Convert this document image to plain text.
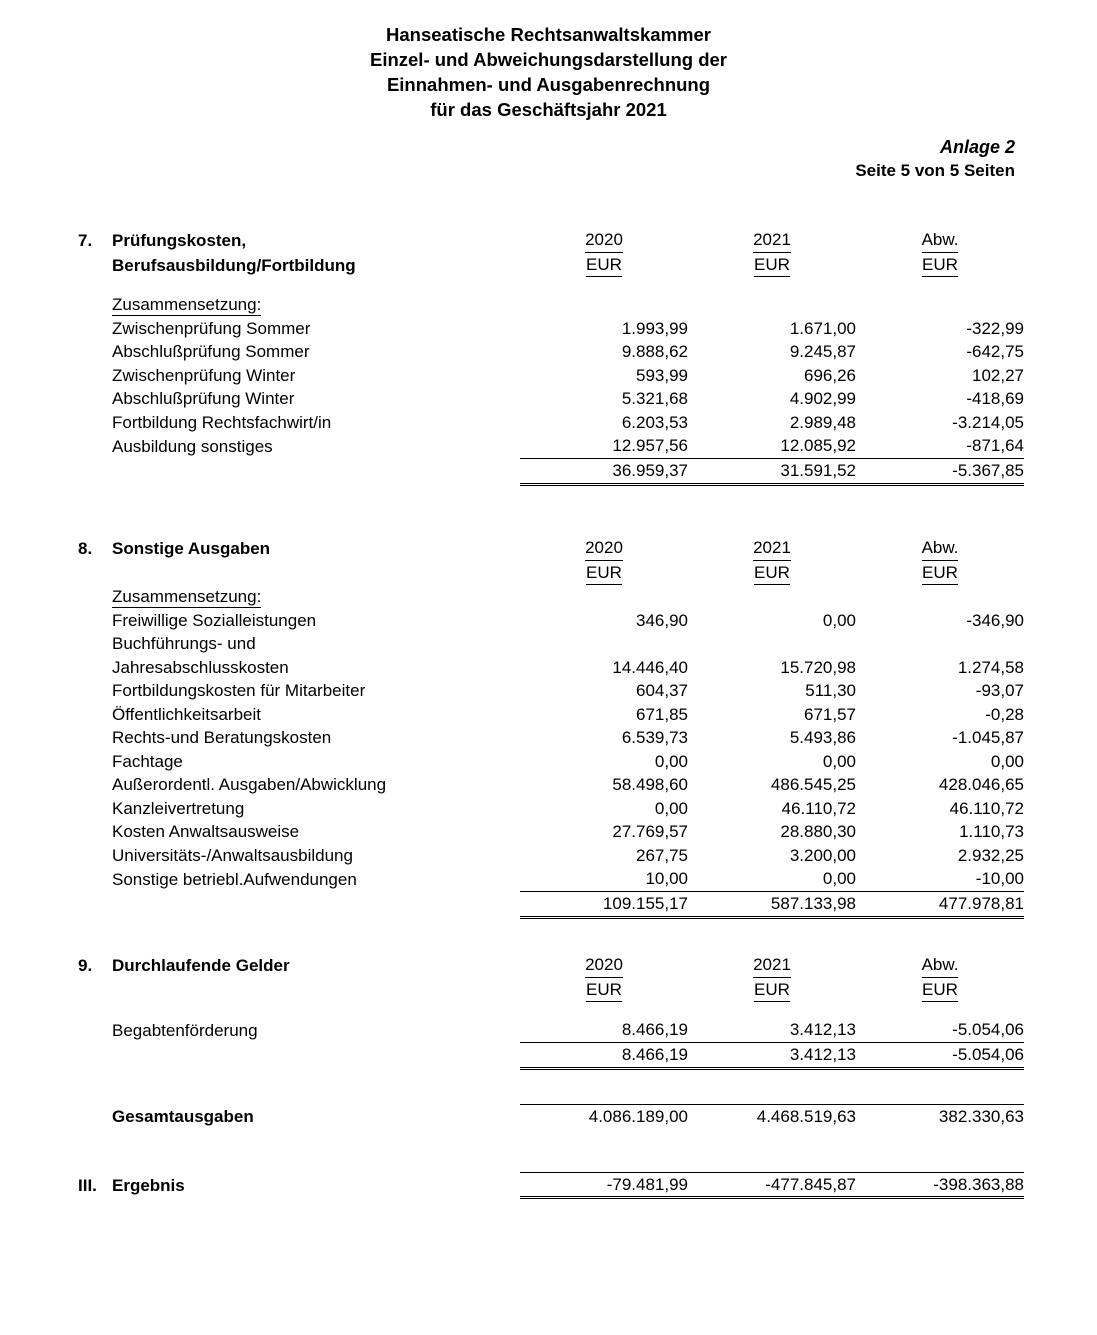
Hanseatische Rechtsanwaltskammer
Einzel- und Abweichungsdarstellung der
Einnahmen- und Ausgabenrechnung
für das Geschäftsjahr 2021
Anlage 2
Seite 5 von 5 Seiten
7.	Prüfungskosten,	2020	2021	Abw.
	Berufsausbildung/Fortbildung	EUR	EUR	EUR

	Zusammensetzung:			
	Zwischenprüfung Sommer	1.993,99	1.671,00	-322,99
	Abschlußprüfung Sommer	9.888,62	9.245,87	-642,75
	Zwischenprüfung Winter	593,99	696,26	102,27
	Abschlußprüfung Winter	5.321,68	4.902,99	-418,69
	Fortbildung Rechtsfachwirt/in	6.203,53	2.989,48	-3.214,05
	Ausbildung sonstiges	12.957,56	12.085,92	-871,64
		36.959,37	31.591,52	-5.367,85

8.	Sonstige Ausgaben	2020	2021	Abw.
		EUR	EUR	EUR
	Zusammensetzung:			
	Freiwillige Sozialleistungen	346,90	0,00	-346,90
	Buchführungs- und			
	Jahresabschlusskosten	14.446,40	15.720,98	1.274,58
	Fortbildungskosten für Mitarbeiter	604,37	511,30	-93,07
	Öffentlichkeitsarbeit	671,85	671,57	-0,28
	Rechts-und Beratungskosten	6.539,73	5.493,86	-1.045,87
	Fachtage	0,00	0,00	0,00
	Außerordentl. Ausgaben/Abwicklung	58.498,60	486.545,25	428.046,65
	Kanzleivertretung	0,00	46.110,72	46.110,72
	Kosten Anwaltsausweise	27.769,57	28.880,30	1.110,73
	Universitäts-/Anwaltsausbildung	267,75	3.200,00	2.932,25
	Sonstige betriebl.Aufwendungen	10,00	0,00	-10,00
		109.155,17	587.133,98	477.978,81

9.	Durchlaufende Gelder	2020	2021	Abw.
		EUR	EUR	EUR

	Begabtenförderung	8.466,19	3.412,13	-5.054,06
		8.466,19	3.412,13	-5.054,06

	Gesamtausgaben	4.086.189,00	4.468.519,63	382.330,63

III.	Ergebnis	-79.481,99	-477.845,87	-398.363,88
